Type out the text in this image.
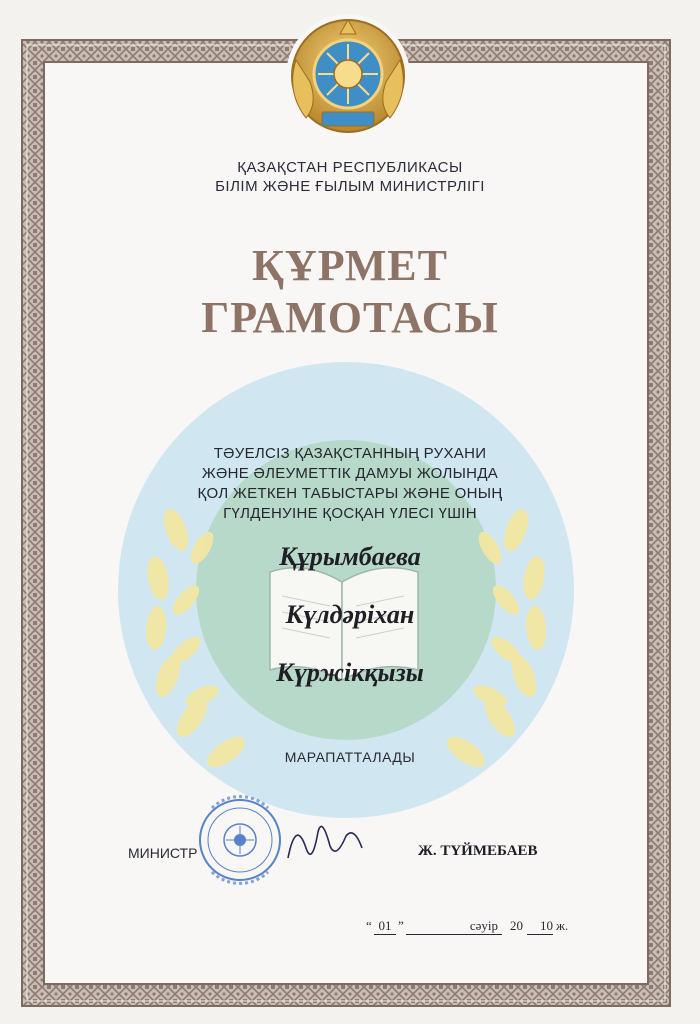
ҚАЗАҚСТАН РЕСПУБЛИКАСЫ
БІЛІМ ЖӘНЕ ҒЫЛЫМ МИНИСТРЛІГІ
ҚҰРМЕТ
ГРАМОТАСЫ
ТӘУЕЛСІЗ ҚАЗАҚСТАННЫҢ РУХАНИ
ЖӘНЕ ӘЛЕУМЕТТІК ДАМУЫ ЖОЛЫНДА
ҚОЛ ЖЕТКЕН ТАБЫСТАРЫ ЖӘНЕ ОНЫҢ
ГҮЛДЕНУІНЕ ҚОСҚАН ҮЛЕСІ ҮШІН
Құрымбаева
Күлдәріхан
Күржікқызы
МАРАПАТТАЛАДЫ
МИНИСТР	Ж. ТҮЙМЕБАЕВ
“ 01 ”	сәуір 20	10 ж.
